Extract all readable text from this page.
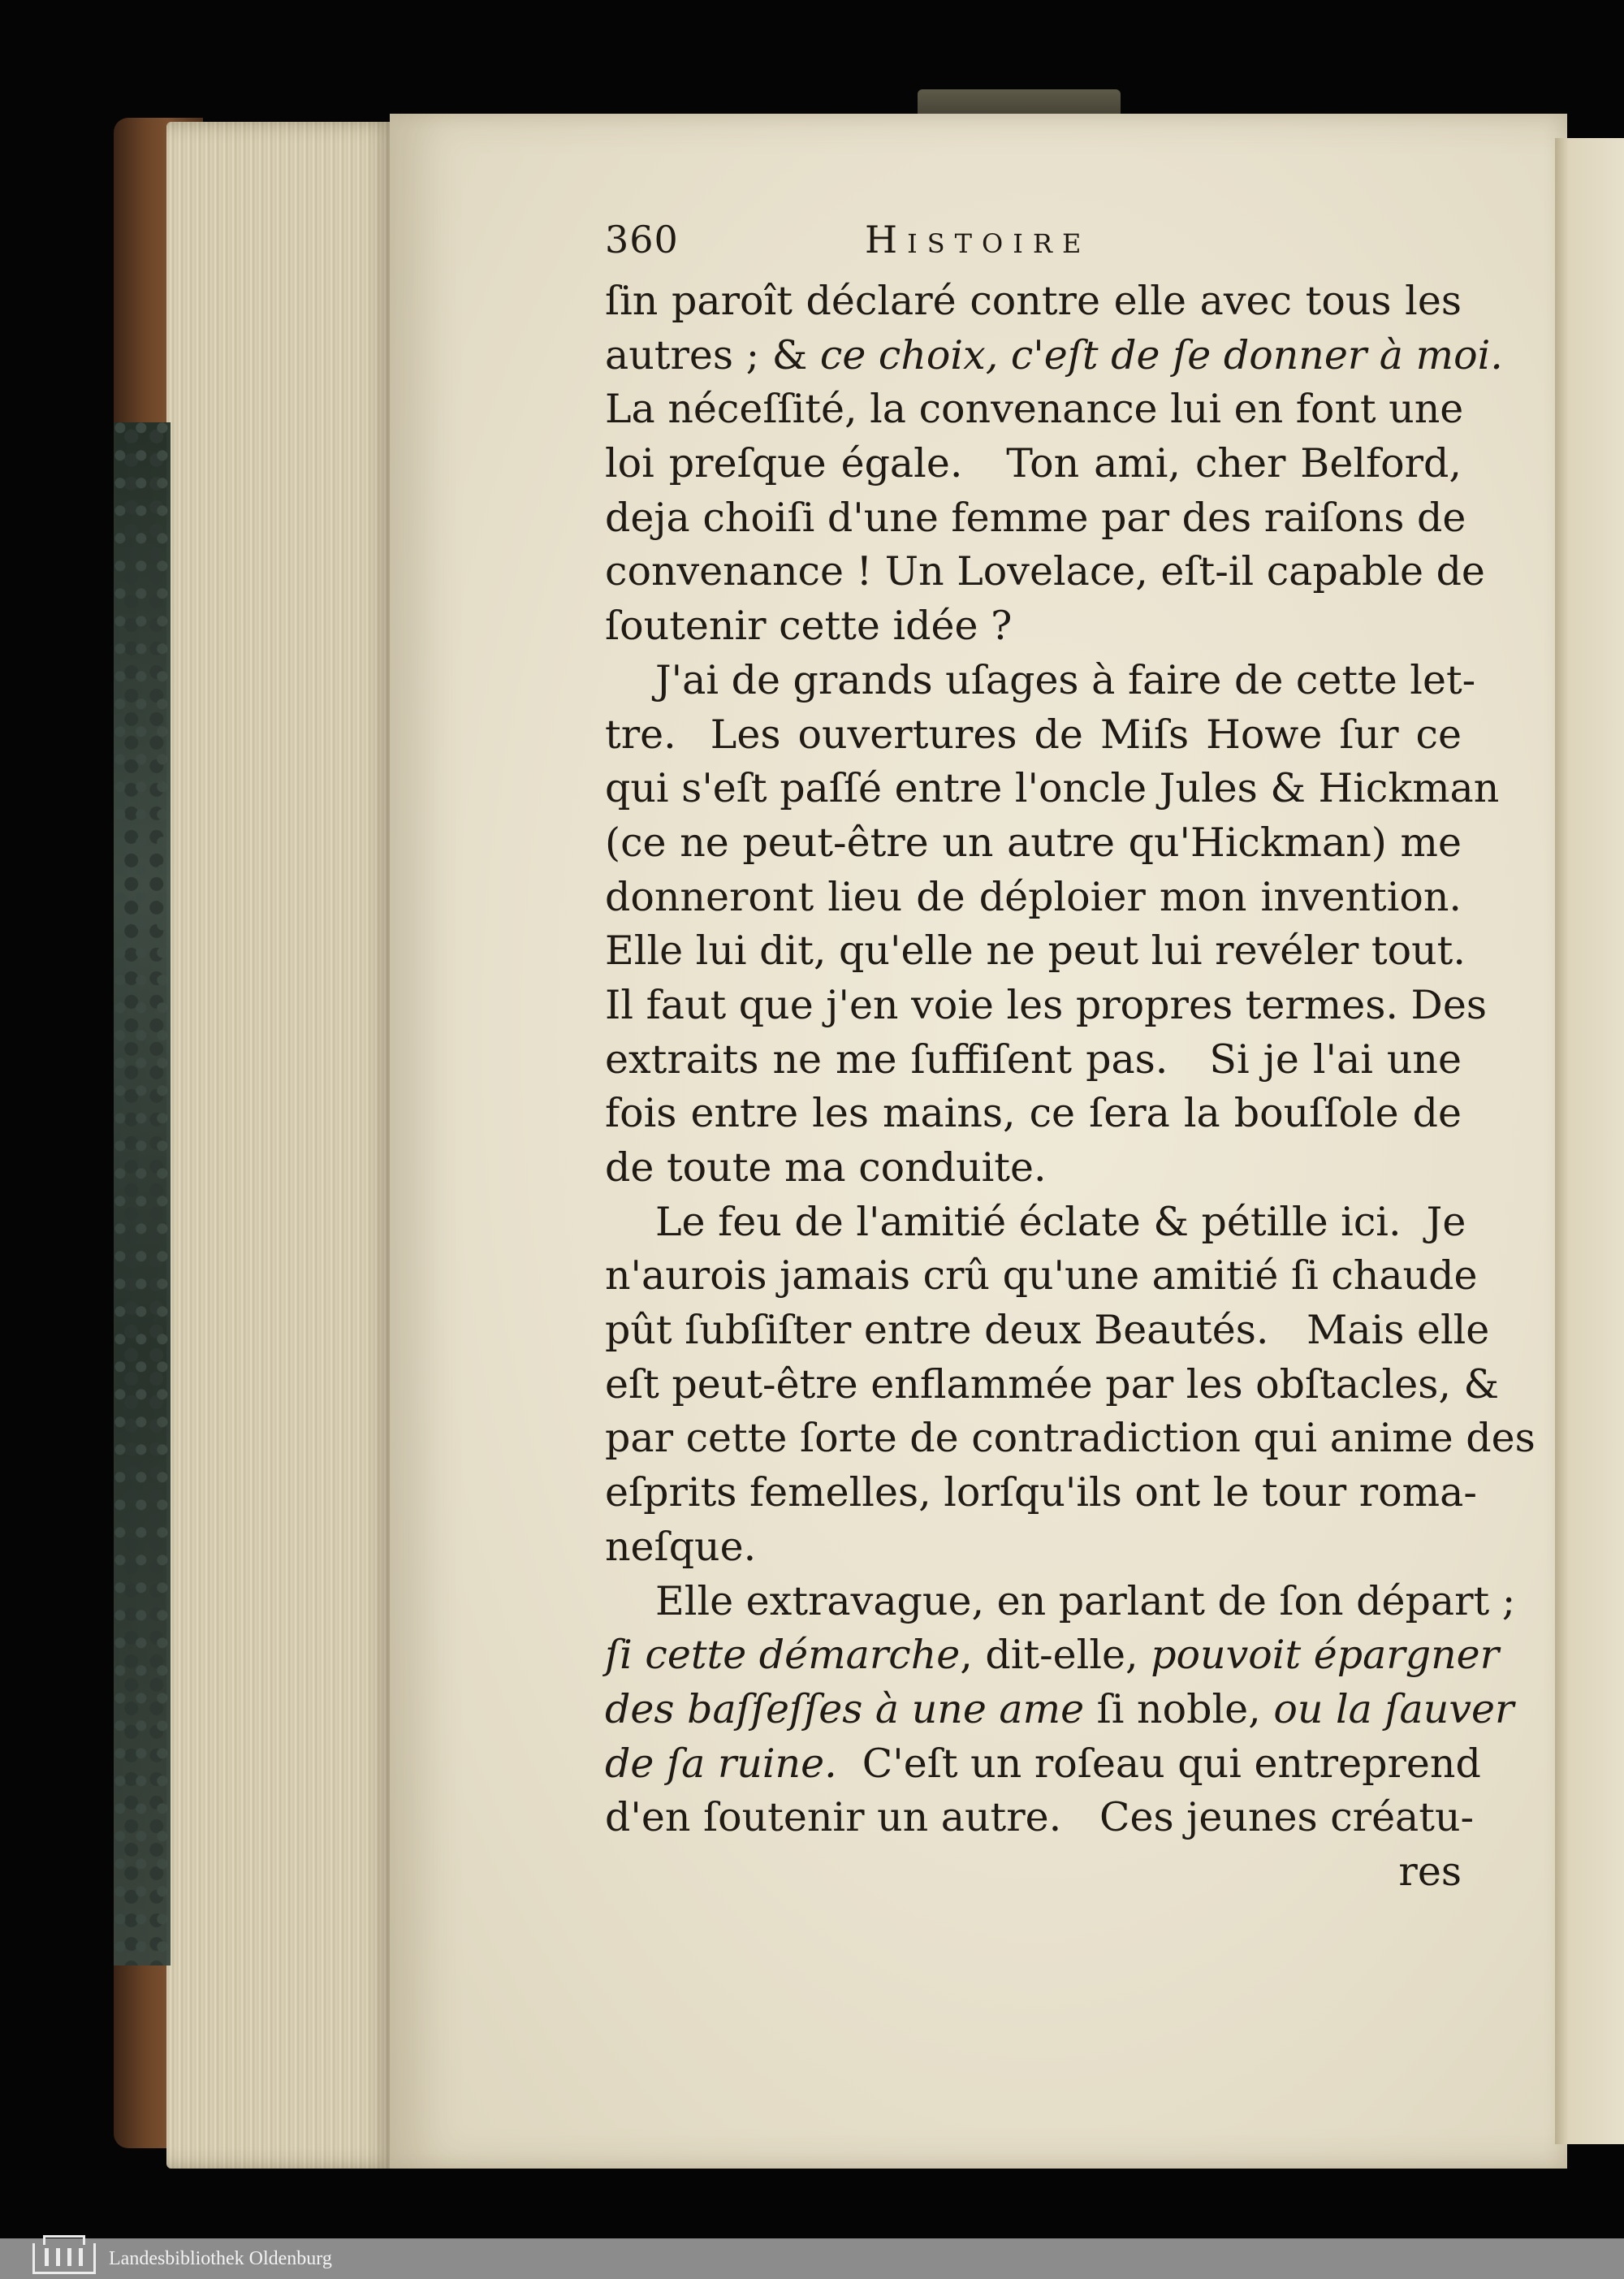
360	Histoire
ſin paroît déclaré contre elle avec tous les
autres ; & ce choix, c'eſt de ſe donner à moi.
La néceſſité, la convenance lui en font une
loi preſque égale.   Ton ami, cher Belford,
deja choiſi d'une femme par des raiſons de
convenance ! Un Lovelace, eſt-il capable de
ſoutenir cette idée ?
J'ai de grands uſages à faire de cette let-
tre.  Les ouvertures de Miſs Howe ſur ce
qui s'eſt paſſé entre l'oncle Jules & Hickman
(ce ne peut-être un autre qu'Hickman) me
donneront lieu de déploier mon invention.
Elle lui dit, qu'elle ne peut lui revéler tout.
Il faut que j'en voie les propres termes. Des
extraits ne me ſuffiſent pas.   Si je l'ai une
fois entre les mains, ce ſera la bouſſole de
de toute ma conduite.
Le feu de l'amitié éclate & pétille ici.  Je
n'aurois jamais crû qu'une amitié ſi chaude
pût ſubſiſter entre deux Beautés.   Mais elle
eſt peut-être enflammée par les obſtacles, &
par cette ſorte de contradiction qui anime des
eſprits femelles, lorſqu'ils ont le tour roma-
neſque.
Elle extravague, en parlant de ſon départ ;
ſi cette démarche, dit-elle, pouvoit épargner
des baſſeſſes à une ame ſi noble, ou la ſauver
de ſa ruine.  C'eſt un roſeau qui entreprend
d'en ſoutenir un autre.   Ces jeunes créatu-
res
Landesbibliothek Oldenburg
